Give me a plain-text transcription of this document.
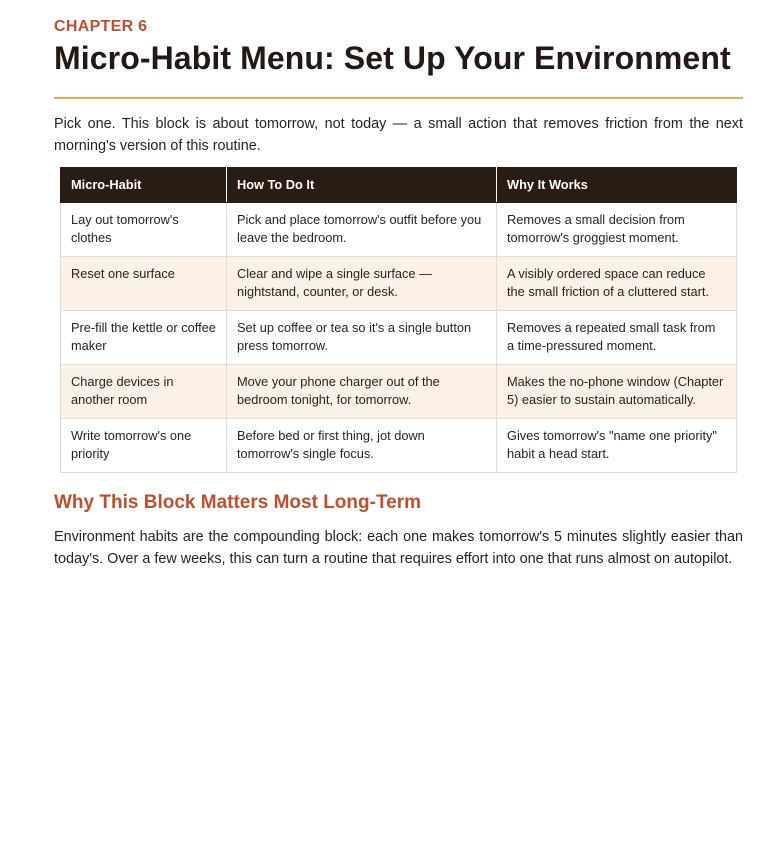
CHAPTER 6
Micro-Habit Menu: Set Up Your Environment

Pick one. This block is about tomorrow, not today — a small action that removes friction from the next morning's version of this routine.

Micro-Habit	How To Do It	Why It Works
Lay out tomorrow's clothes	Pick and place tomorrow's outfit before you leave the bedroom.	Removes a small decision from tomorrow's groggiest moment.
Reset one surface	Clear and wipe a single surface — nightstand, counter, or desk.	A visibly ordered space can reduce the small friction of a cluttered start.
Pre-fill the kettle or coffee maker	Set up coffee or tea so it's a single button press tomorrow.	Removes a repeated small task from a time-pressured moment.
Charge devices in another room	Move your phone charger out of the bedroom tonight, for tomorrow.	Makes the no-phone window (Chapter 5) easier to sustain automatically.
Write tomorrow's one priority	Before bed or first thing, jot down tomorrow's single focus.	Gives tomorrow's "name one priority" habit a head start.
Why This Block Matters Most Long-Term

Environment habits are the compounding block: each one makes tomorrow's 5 minutes slightly easier than today's. Over a few weeks, this can turn a routine that requires effort into one that runs almost on autopilot.
